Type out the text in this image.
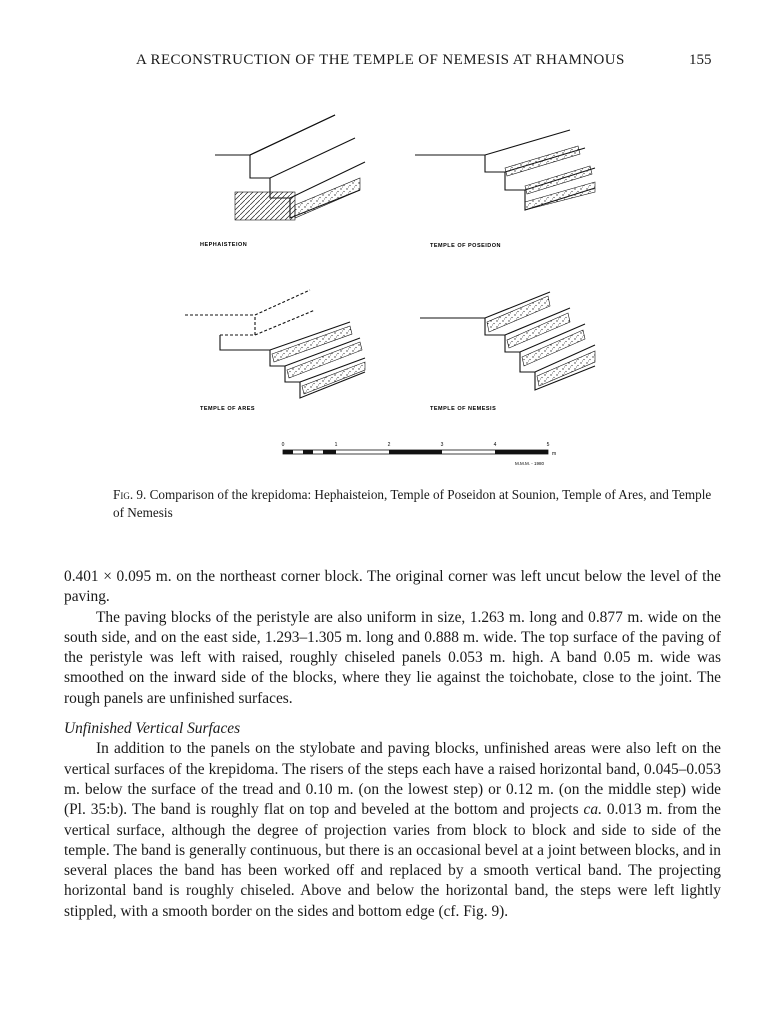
A RECONSTRUCTION OF THE TEMPLE OF NEMESIS AT RHAMNOUS	155
HEPHAISTEION	TEMPLE OF POSEIDON
TEMPLE OF ARES	TEMPLE OF NEMESIS
0	1	2	3	4	5
m
M.M.M. - 1980
Fig. 9. Comparison of the krepidoma: Hephaisteion, Temple of Poseidon at Sounion, Temple of Ares, and Temple of Nemesis

0.401 × 0.095 m. on the northeast corner block. The original corner was left uncut below the level of the paving.

The paving blocks of the peristyle are also uniform in size, 1.263 m. long and 0.877 m. wide on the south side, and on the east side, 1.293–1.305 m. long and 0.888 m. wide. The top surface of the paving of the peristyle was left with raised, roughly chiseled panels 0.053 m. high. A band 0.05 m. wide was smoothed on the inward side of the blocks, where they lie against the toichobate, close to the joint. The rough panels are unfinished surfaces.

Unfinished Vertical Surfaces

In addition to the panels on the stylobate and paving blocks, unfinished areas were also left on the vertical surfaces of the krepidoma. The risers of the steps each have a raised horizontal band, 0.045–0.053 m. below the surface of the tread and 0.10 m. (on the lowest step) or 0.12 m. (on the middle step) wide (Pl. 35:b). The band is roughly flat on top and beveled at the bottom and projects ca. 0.013 m. from the vertical surface, although the degree of projection varies from block to block and side to side of the temple. The band is generally continuous, but there is an occasional bevel at a joint between blocks, and in several places the band has been worked off and replaced by a smooth vertical band. The projecting horizontal band is roughly chiseled. Above and below the horizontal band, the steps were left lightly stippled, with a smooth border on the sides and bottom edge (cf. Fig. 9).
